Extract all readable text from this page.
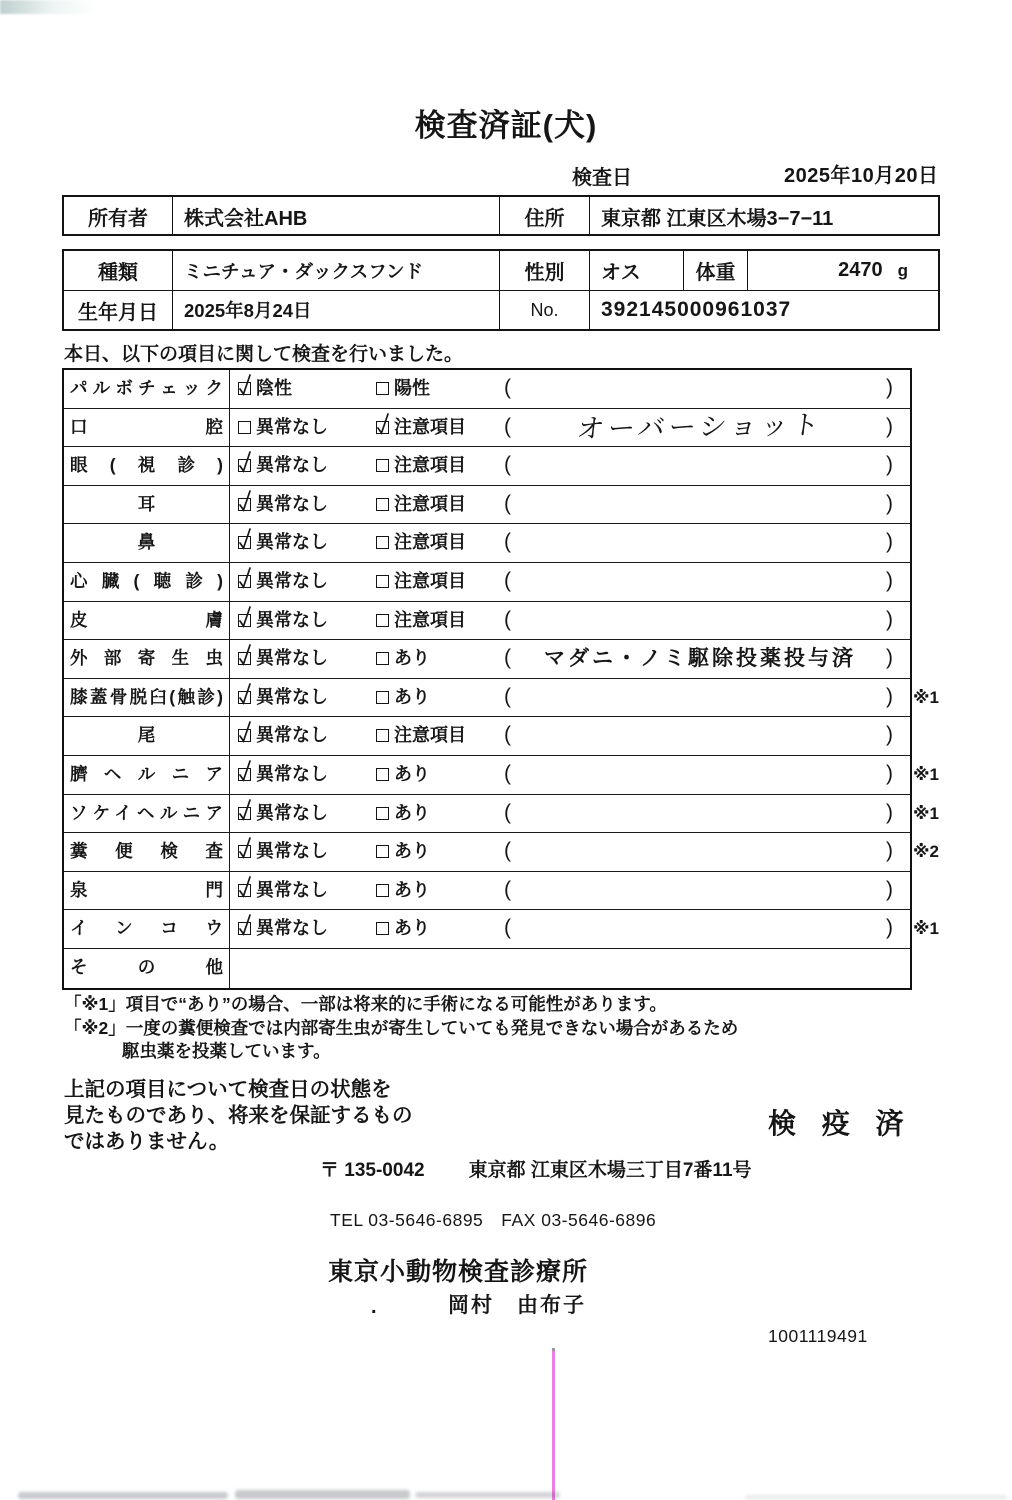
検査済証(犬)
検査日	2025年10月20日
所有者	株式会社AHB	住所	東京都 江東区木場3−7−11
種類	ミニチュア・ダックスフンド	性別	オス	体重	2470 g
生年月日	2025年8月24日	No.	392145000961037
本日、以下の項目に関して検査を行いました。
パルボチェック	陰性	陽性	(	)
口腔	異常なし	注意項目 (	オーバーショット	)
眼(視診)	異常なし	注意項目 (	)
耳	異常なし	注意項目 (	)
鼻	異常なし	注意項目 (	)
心臓(聴診)	異常なし	注意項目 (	)
皮膚	異常なし	注意項目 (	)
外部寄生虫	異常なし	あり	(	マダニ・ノミ駆除投薬投与済	)
膝蓋骨脱臼(触診)	異常なし	あり	(	) ※1
尾	異常なし	注意項目 (	)
臍ヘルニア	異常なし	あり	(	) ※1
ソケイヘルニア	異常なし	あり	(	) ※1
糞便検査	異常なし	あり	(	) ※2
泉門	異常なし	あり	(	)
インコウ	異常なし	あり	(	) ※1
その他
「※1」項目で“あり”の場合、一部は将来的に手術になる可能性があります。
「※2」一度の糞便検査では内部寄生虫が寄生していても発見できない場合があるため
駆虫薬を投薬しています。
上記の項目について検査日の状態を
見たものであり、将来を保証するもの
ではありません。
検 疫 済
〒 135-0042 東京都 江東区木場三丁目7番11号
TEL 03-5646-6895　FAX 03-5646-6896
東京小動物検査診療所
.	岡村　由布子
1001119491
